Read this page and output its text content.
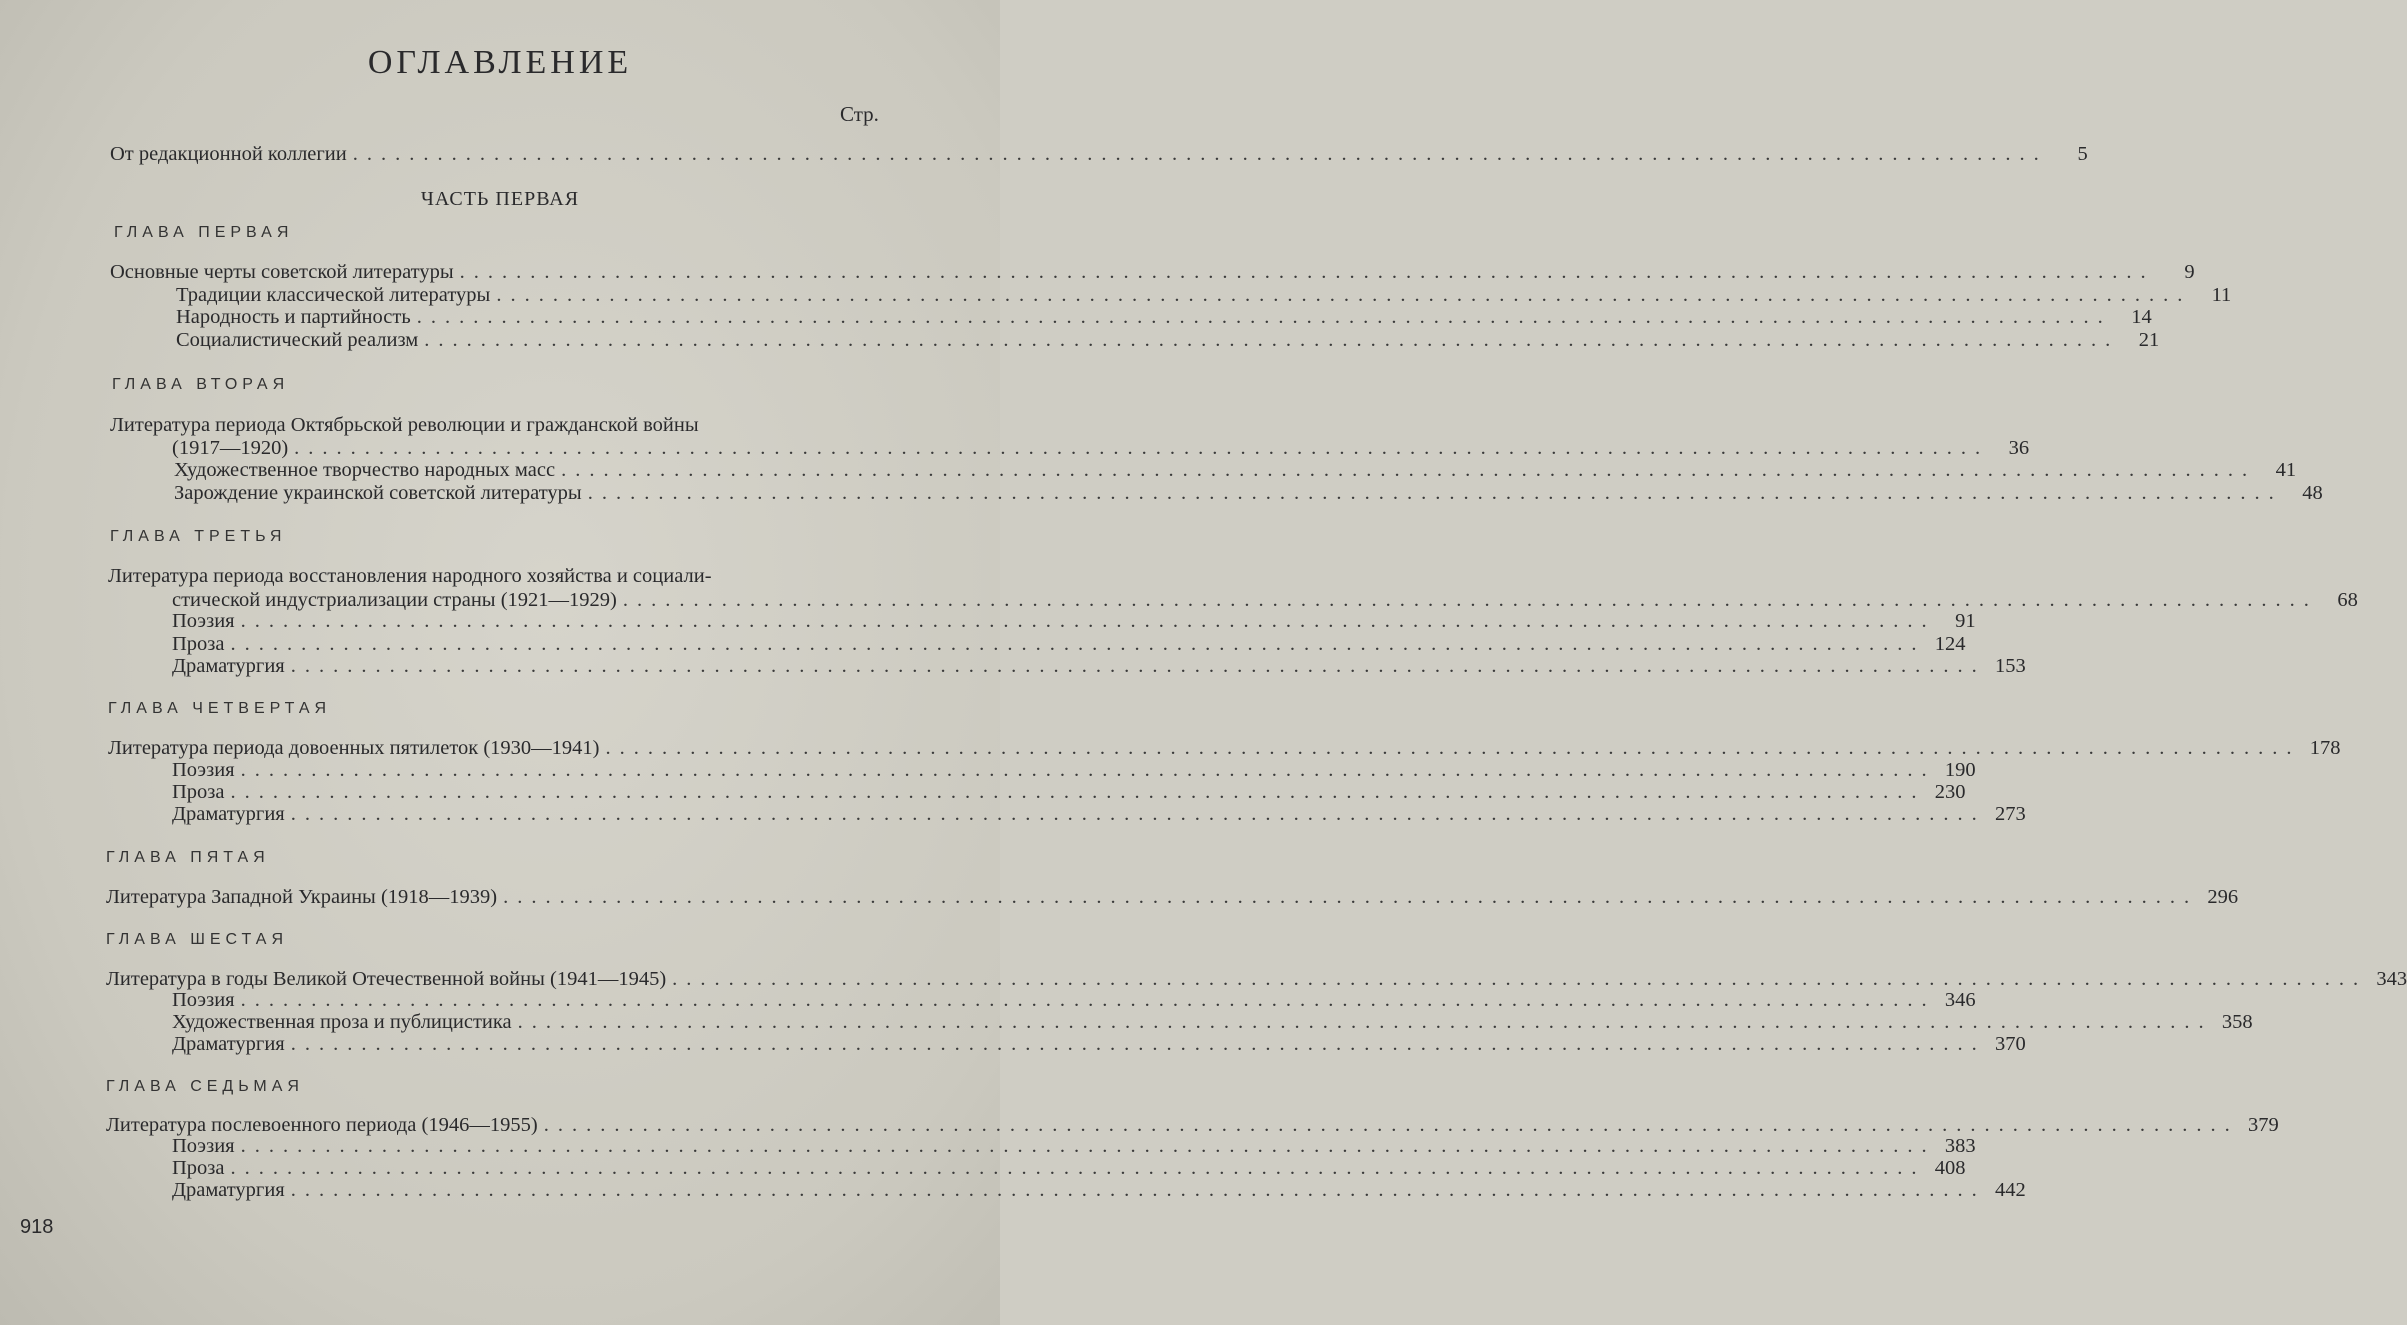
ОГЛАВЛЕНИЕ
Стр.
От редакционной коллегии ........................................................................................................................	5
ЧАСТЬ ПЕРВАЯ
ГЛАВА ПЕРВАЯ
Основные черты советской литературы ........................................................................................................................	9
Традиции классической литературы ........................................................................................................................ 11
Народность и партийность ........................................................................................................................ 14
Социалистический реализм ........................................................................................................................ 21
ГЛАВА ВТОРАЯ
Литература периода Октябрьской революции и гражданской войны
(1917—1920) ........................................................................................................................ 36
Художественное творчество народных масс ........................................................................................................................ 41
Зарождение украинской советской литературы ........................................................................................................................ 48
ГЛАВА ТРЕТЬЯ
Литература периода восстановления народного хозяйства и социали-
стической индустриализации страны (1921—1929) ........................................................................................................................ 68
Поэзия ........................................................................................................................ 91
Проза ........................................................................................................................ 124
Драматургия ........................................................................................................................ 153
ГЛАВА ЧЕТВЕРТАЯ
Литература периода довоенных пятилеток (1930—1941) ........................................................................................................................ 178
Поэзия ........................................................................................................................ 190
Проза ........................................................................................................................ 230
Драматургия ........................................................................................................................ 273
ГЛАВА ПЯТАЯ
Литература Западной Украины (1918—1939) ........................................................................................................................ 296
ГЛАВА ШЕСТАЯ
Литература в годы Великой Отечественной войны (1941—1945) ........................................................................................................................ 343
Поэзия ........................................................................................................................ 346
Художественная проза и публицистика ........................................................................................................................ 358
Драматургия ........................................................................................................................ 370
ГЛАВА СЕДЬМАЯ
Литература послевоенного периода (1946—1955) ........................................................................................................................ 379
Поэзия ........................................................................................................................ 383
Проза ........................................................................................................................ 408
Драматургия ........................................................................................................................ 442
918
